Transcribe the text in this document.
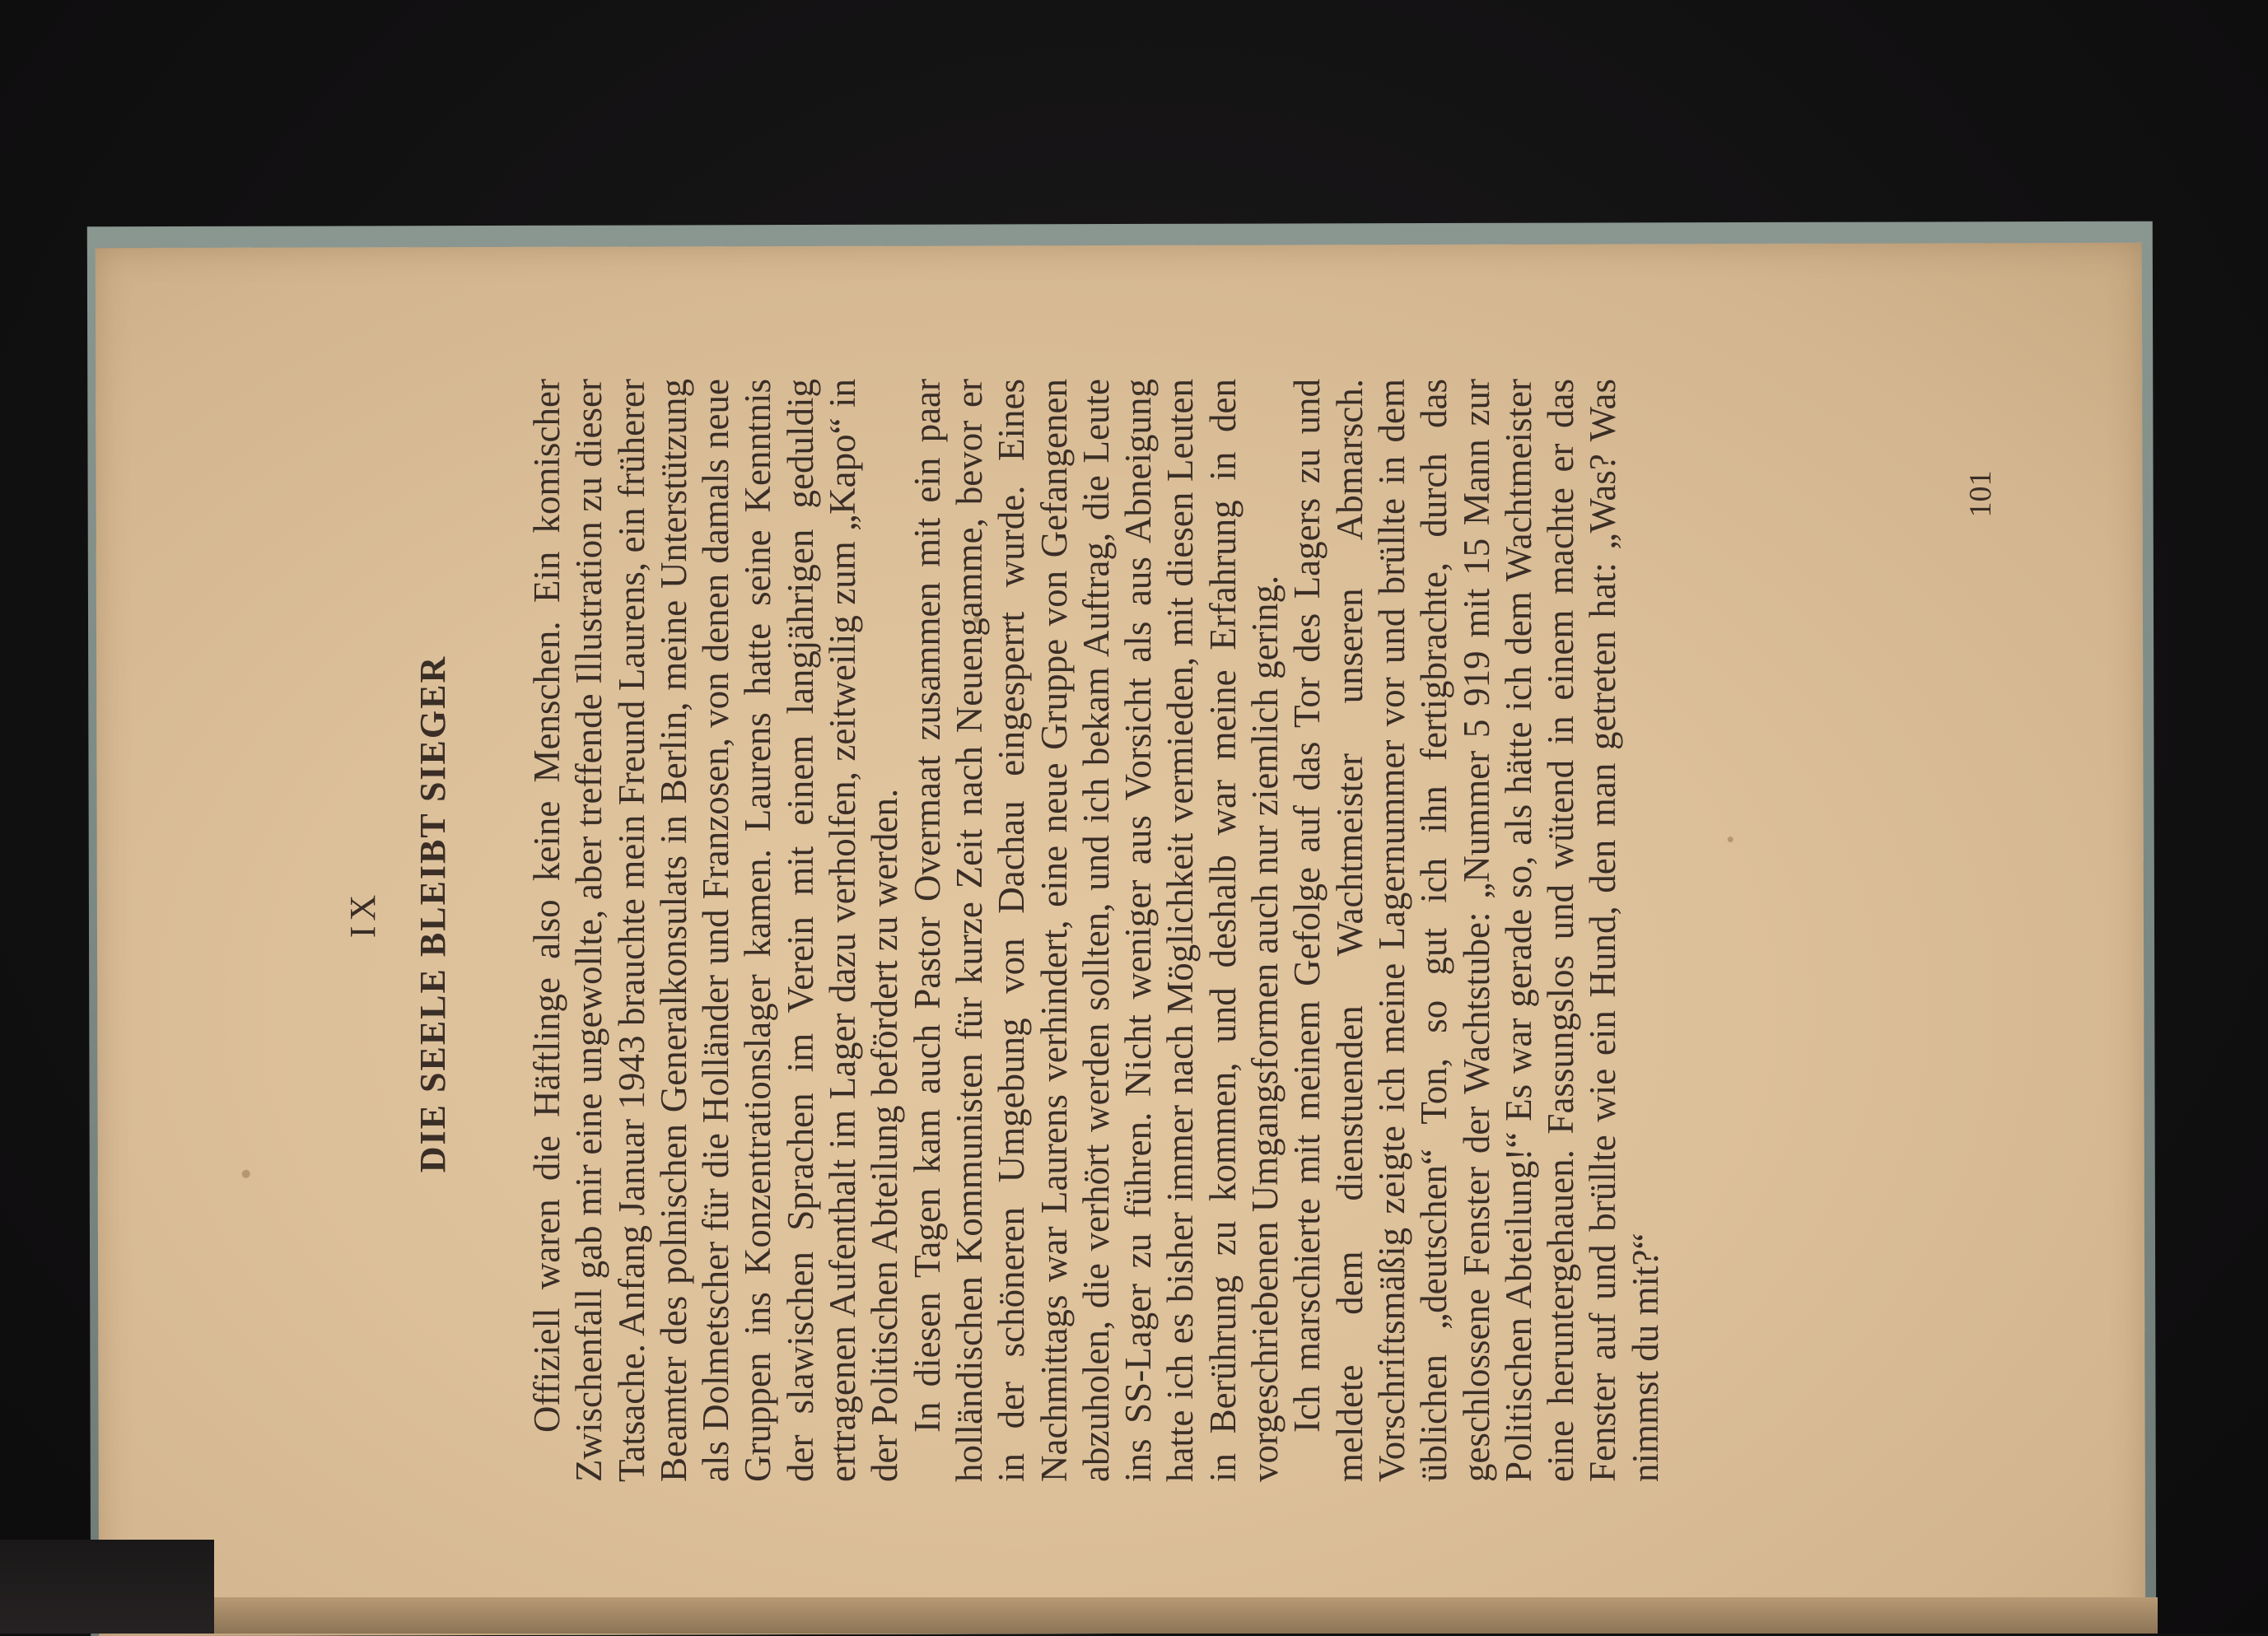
IX DIE SEELE BLEIBT SIEGER Offiziell waren die Häftlinge also keine Menschen. Ein komischer Zwischenfall gab mir eine ungewollte, aber treffende Illustration zu dieser Tatsache. Anfang Januar 1943 brauchte mein Freund Laurens, ein früherer Beamter des polnischen Generalkonsulats in Berlin, meine Unterstützung als Dolmetscher für die Holländer und Franzosen, von denen damals neue Gruppen ins Konzentrationslager kamen. Laurens hatte seine Kenntnis der slawischen Sprachen im Verein mit einem langjährigen geduldig ertragenen Aufenthalt im Lager dazu verholfen, zeitweilig zum „Kapo“ in der Politischen Abteilung befördert zu werden. In diesen Tagen kam auch Pastor Overmaat zusammen mit ein paar holländischen Kommunisten für kurze Zeit nach Neuengamme, bevor er in der schöneren Umgebung von Dachau eingesperrt wurde. Eines Nachmittags war Laurens verhindert, eine neue Gruppe von Gefangenen abzuholen, die verhört werden sollten, und ich bekam Auftrag, die Leute ins SS-Lager zu führen. Nicht weniger aus Vorsicht als aus Abneigung hatte ich es bisher immer nach Möglichkeit vermieden, mit diesen Leuten in Berührung zu kommen, und deshalb war meine Erfahrung in den vorgeschriebenen Umgangsformen auch nur ziemlich gering. Ich marschierte mit meinem Gefolge auf das Tor des Lagers zu und meldete dem dienstuenden Wachtmeister unseren Abmarsch. Vorschriftsmäßig zeigte ich meine Lagernummer vor und brüllte in dem üblichen „deutschen“ Ton, so gut ich ihn fertigbrachte, durch das geschlossene Fenster der Wachtstube: „Nummer 5 919 mit 15 Mann zur Politischen Abteilung!“ Es war gerade so, als hätte ich dem Wachtmeister eine heruntergehauen. Fassungslos und wütend in einem machte er das Fenster auf und brüllte wie ein Hund, den man getreten hat: „Was? Was nimmst du mit?“

101
